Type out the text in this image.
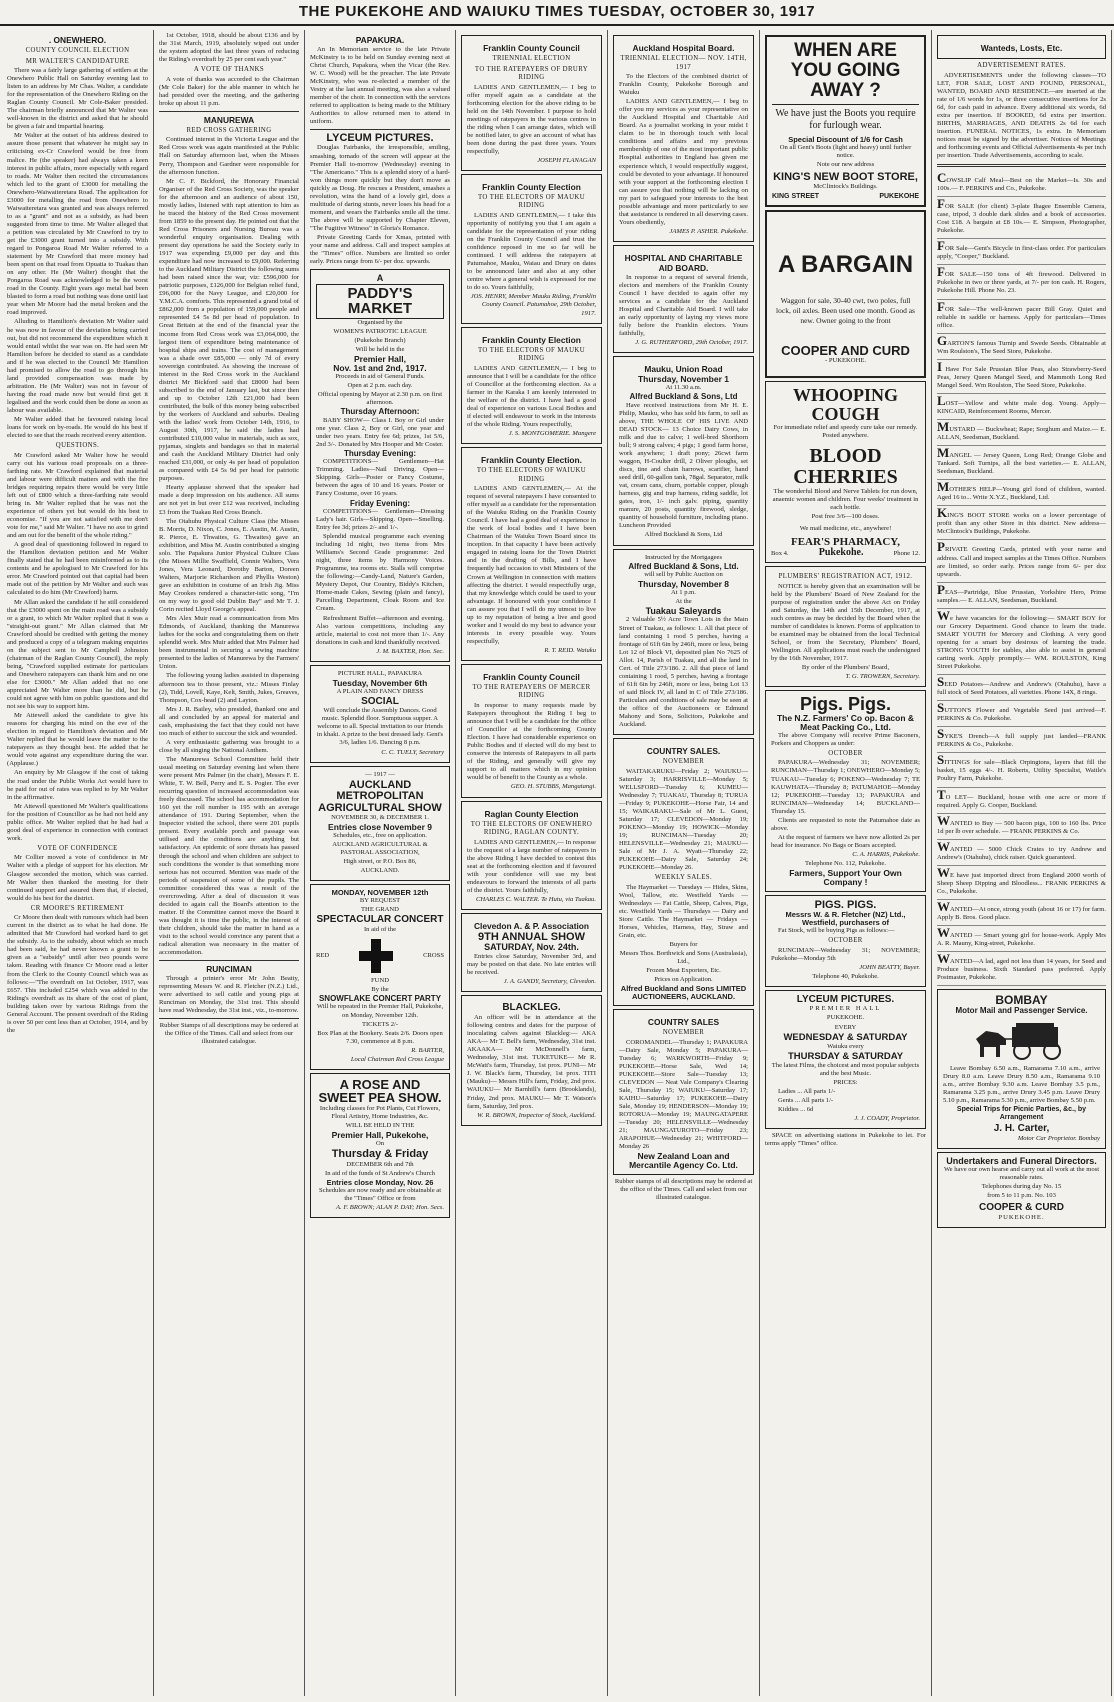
THE PUKEKOHE AND WAIUKU TIMES TUESDAY, OCTOBER 30, 1917
. ONEWHERO.
COUNTY COUNCIL ELECTION
MR WALTER'S CANDIDATURE

There was a fairly large gathering of settlers at the Onewhero Public Hall on Saturday evening last to listen to an address by Mr Chas. Walter, a candidate for the representation of the Onewhero Riding on the Raglan County Council. Mr Cole-Baker presided. The chairman briefly announced that Mr Walter was well-known in the district and asked that he should be given a fair and impartial hearing.

Mr Walter at the outset of his address desired to assure those present that whatever he might say in criticising ex-Cr Crawford would be free from malice. He (the speaker) had always taken a keen interest in public affairs, more especially with regard to roads. Mr Walter then recited the circumstances which led to the grant of £3000 for metalling the Onewhero-Waiwaiteretara Road. The application for £3000 for metalling the road from Onewhero to Waiwaiteretara was granted and was always referred to as a "grant" and not as a subsidy, as had been suggested from time to time. Mr Walter alleged that a petition was circulated by Mr Crawford to try to get the £3000 grant turned into a subsidy. With regard to Pongaroa Road Mr Walter referred to a statement by Mr Crawford that more money had been spent on that road from Opuatia to Tuakau than on any other. He (Mr Walter) thought that the Pongaroa Road was acknowledged to be the worst road in the County. Eight years ago metal had been blasted to form a road but nothing was done until last year when Mr Moore had the metal broken and the road improved.

Alluding to Hamilton's deviation Mr Walter said he was now in favour of the deviation being carried out, but did not recommend the expenditure which it would entail whilst the war was on. He had seen Mr Hamilton before he decided to stand as a candidate and if he was elected to the Council Mr Hamilton had promised to allow the road to go through his land provided compensation was made by arbitration. He (Mr Walter) was not in favour of having the road made now but would first get it legalised and the work could then be done as soon as labour was available.

Mr Walter added that he favoured raising local loans for work on by-roads. He would do his best if elected to see that the roads received every attention.

QUESTIONS.

Mr Crawford asked Mr Walter how he would carry out his various road proposals on a three-farthing rate. Mr Crawford explained that material and labour were difficult matters and with the fire bridges requiring repairs there would be very little left out of £800 which a three-farthing rate would bring in. Mr Walter replied that he was not the experience of others yet but would do his best to economise. "If you are not satisfied with me don't vote for me," said Mr Walter. "I have no axe to grind and am out for the benefit of the whole riding."

A good deal of questioning followed in regard to the Hamilton deviation petition and Mr Walter finally stated that he had been misinformed as to its contents and he apologised to Mr Crawford for his error. Mr Crawford pointed out that capital had been made out of the petition by Mr Walter and such was calculated to do him (Mr Crawford) harm.

Mr Allan asked the candidate if he still considered that the £3000 spent on the main road was a subsidy or a grant, to which Mr Walter replied that it was a "straight-out grant." Mr Allan claimed that Mr Crawford should be credited with getting the money and produced a copy of a telegram making enquiries on the subject sent to Mr Campbell Johnston (chairman of the Raglan County Council), the reply being, "Crawford supplied estimate for particulars and Onewhero ratepayers can thank him and no one else for £3000." Mr Allan added that no one appreciated Mr Walter more than he did, but he could not agree with him on public questions and did not see his way to support him.

Mr Attewell asked the candidate to give his reasons for charging his mind on the eve of the election in regard to Hamilton's deviation and Mr Walter replied that he would leave the matter to the ratepayers as they thought best. He added that he would vote against any expenditure during the war. (Applause.)

An enquiry by Mr Glasgow if the cost of taking the road under the Public Works Act would have to be paid for out of rates was replied to by Mr Walter in the affirmative.

Mr Attewell questioned Mr Walter's qualifications for the position of Councillor as he had not held any public office. Mr Walter replied that he had had a good deal of experience in connection with contract work.

VOTE OF CONFIDENCE

Mr Collier moved a vote of confidence in Mr Walter with a pledge of support for his election. Mr Glasgow seconded the motion, which was carried. Mr Walter then thanked the meeting for their continued support and assured them that, if elected, would do his best for the district.

CR MOORE'S RETIREMENT

Cr Moore then dealt with rumours which had been current in the district as to what he had done. He admitted that Mr Crawford had worked hard to get the subsidy. As to the subsidy, about which so much had been said, he had never known a grant to be given as a "subsidy" until after two pounds were taken. Reading with finance Cr Moore read a letter from the Clerk to the County Council which was as follows:—"The overdraft on 1st October, 1917, was £657. This included £254 which was added to the Riding's overdraft as its share of the cost of plant, building taken over by various Ridings from the General Account. The present overdraft of the Riding is over 50 per cent less than at October, 1914, and by the

1st October, 1918, should be about £136 and by the 31st March, 1919, absolutely wiped out under the system adopted the last three years of reducing the Riding's overdraft by 25 per cent each year."

A VOTE OF THANKS

A vote of thanks was accorded to the Chairman (Mr Cole Baker) for the able manner in which he had presided over the meeting, and the gathering broke up about 11 p.m.

MANUREWA
RED CROSS GATHERING

Continued interest in the Victoria League and the Red Cross work was again manifested at the Public Hall on Saturday afternoon last, when the Misses Perry, Thompson and Gardner were responsible for the afternoon function.

Mr C. F. Bickford, the Honorary Financial Organiser of the Red Cross Society, was the speaker for the afternoon and an audience of about 150, mostly ladies, listened with rapt attention to him as he traced the history of the Red Cross movement from 1859 to the present day. He pointed out that the Red Cross Prisoners and Nursing Bureau was a wonderful enquiry organisation. Dealing with present day operations he said the Society early in 1917 was expending £9,000 per day and this expenditure had now increased to £9,000. Referring to the Auckland Military District the following sums had been raised since the war, viz: £596,000 for patriotic purposes, £126,000 for Belgian relief fund, £96,000 for the Navy League, and £20,000 for Y.M.C.A. comforts. This represented a grand total of £862,000 from a population of 159,000 people and represented £4 5s 8d per head of population. In Great Britain at the end of the financial year the income from Red Cross work was £3,064,000, the largest item of expenditure being maintenance of hospital ships and trains. The cost of management was a shade over £85,000 — only 7d of every sovereign contributed. As showing the increase of interest in the Red Cross work in the Auckland district Mr Bickford said that £8000 had been subscribed to the end of January last, but since then and up to October 12th £21,000 had been contributed, the bulk of this money being subscribed by the workers of Auckland and suburbs. Dealing with the ladies' work from October 14th, 1916, to August 30th, 1917, he said the ladies had contributed £10,000 value in materials, such as sox, pyjamas, singlets and bandages so that in material and cash the Auckland Military District had only reached £31,000, or only 4s per head of population as compared with £4 5s 9d per head for patriotic purposes.

Hearty applause showed that the speaker had made a deep impression on his audience. All sums are not yet in but over £12 was received, including £3 from the Tuakau Red Cross Branch.

The Otahuhu Physical Culture Class (the Misses B. Morris, D. Nixon, C. Jones, E. Austin, M. Austin, R. Pierce, E. Thwaites, G. Thwaites) gave an exhibition, and Miss M. Austin contributed a singing solo. The Papakura Junior Physical Culture Class (the Misses Millie Swaffield, Connie Walters, Vera Jones, Vera Leonard, Dorothy Barton, Doreen Walters, Marjorie Richardson and Phyllis Weston) gave an exhibition in costume of an Irish Jig. Miss May Crookes rendered a character-istic song, "I'm on my way to good old Dublin Bay" and Mr T. J. Corin recited Lloyd George's appeal.

Mrs Alex Muir read a communication from Mrs Edmonds, of Auckland, thanking the Manurewa ladies for the socks and congratulating them on their splendid work. Mrs Muir added that Mrs Palmer had been instrumental in securing a sewing machine presented to the ladies of Manurewa by the Farmers' Union.

The following young ladies assisted in dispensing afternoon tea to those present, viz.: Misses Finlay (2), Tidd, Lovell, Kaye, Kelt, Smith, Jukes, Greaves, Thompson, Cox-head (2) and Layton.

Mrs J. R. Bailey, who presided, thanked one and all and concluded by an appeal for material and cash, emphasising the fact that they could not have too much of either to succour the sick and wounded.

A very enthusiastic gathering was brought to a close by all singing the National Anthem.

The Manurewa School Committee held their usual meeting on Saturday evening last when there were present Mrs Palmer (in the chair), Messrs F. E. White, T. W. Bell, Perry and E. S. Pogier. The ever recurring question of increased accommodation was freely discussed. The school has accommodation for 160 yet the roll number is 195 with an average attendance of 191. During September, when the Inspector visited the school, there were 201 pupils present. Every available porch and passage was utilised and the conditions are anything but satisfactory. An epidemic of sore throats has passed through the school and when children are subject to such conditions the wonder is that something more serious has not occurred. Mention was made of the periods of suspension of some of the pupils. The committee considered this was a result of the overcrowding. After a deal of discussion it was decided to again call the Board's attention to the matter. If the Committee cannot move the Board it was thought it is time the public, in the interest of their children, should take the matter in hand as a visit to the school would convince any parent that a radical alteration was necessary in the matter of accommodation.

RUNCIMAN

Through a printer's error Mr John Beatty, representing Messrs W. and R. Fletcher (N.Z.) Ltd., were advertised to sell cattle and young pigs at Runciman on Monday, the 31st inst. This should have read Wednesday, the 31st inst., viz., to-morrow.

Rubber Stamps of all descriptions may be ordered at the Office of the Times. Call and select from our illustrated catalogue.

PAPAKURA.

An In Memoriam service to the late Private McKinstry is to be held on Sunday evening next at Christ Church, Papakura, when the Vicar (the Rev. W. C. Wood) will be the preacher. The late Private McKinstry, who was re-elected a member of the Vestry at the last annual meeting, was also a valued member of the choir. In connection with the services referred to application is being made to the Military Authorities to allow returned men to attend in uniform.

LYCEUM PICTURES.

Douglas Fairbanks, the irresponsible, smiling, smashing, tornado of the screen will appear at the Premier Hall to-morrow (Wednesday) evening in "The Americano." This is a splendid story of a hard-won things more quickly but they don't move as quickly as Doug. He rescues a President, smashes a revolution, wins the hand of a lovely girl, does a multitude of daring stunts, never loses his head for a moment, and wears the Fairbanks smile all the time. The above will be supported by Chapter Eleven, "The Fugitive Witness" in Gloria's Romance.

Private Greeting Cards for Xmas, printed with your name and address. Call and inspect samples at the "Times" office. Numbers are limited so order early. Prices range from 6/- per doz. upwards.

A
PADDY'S MARKET

Organised by the

WOMEN'S PATRIOTIC LEAGUE

(Pukekohe Branch)

Will be held in the

Premier Hall,
Nov. 1st and 2nd, 1917.

Proceeds in aid of General Funds.

Open at 2 p.m. each day.

Official opening by Mayor at 2.30 p.m. on first afternoon.

Thursday Afternoon:

BABY SHOW— Class I. Boy or Girl under one year. Class 2, Boy or Girl, one year and under two years. Entry fee 6d; prizes, 1st 5/6, 2nd 3/-. Donated by Mrs Hooper and Mr Coster.

Thursday Evening:

COMPETITIONS— Gentlemen—Hat Trimming. Ladies—Nail Driving. Open—Skipping. Girls—Poster or Fancy Costume, between the ages of 10 and 16 years. Poster or Fancy Costume, over 16 years.

Friday Evening:

COMPETITIONS— Gentlemen—Dressing Lady's hair. Girls—Skipping. Open—Smelling. Entry fee 3d; prizes 2/- and 1/-.

Splendid musical programme each evening including 1d night, two items from Mrs Williams's Second Grade programme: 2nd night, three items by Harmony Voices. Programme, tea rooms etc. Stalls will comprise the following:—Candy-Land, Nature's Garden, Mystery Depot, Our Country, Biddy's Kitchen, Home-made Cakes, Sewing (plain and fancy), Parcelling Department, Cloak Room and Ice Cream.

Refreshment Buffet—afternoon and evening. Also various competitions, including any article, material to cost not more than 1/-. Any donations in cash and kind thankfully received.

J. M. BAXTER, Hon. Sec.

PICTURE HALL, PAPAKURA

Tuesday, November 6th

A PLAIN AND FANCY DRESS

SOCIAL

Will conclude the Assembly Dances. Good music. Splendid floor. Sumptuous supper. A welcome to all. Special invitation to our friends in khaki. A prize to the best dressed lady. Gent's 3/6, ladies 1/6. Dancing 8 p.m.

C. C. TUELY, Secretary

— 1917 —

AUCKLAND METROPOLITAN AGRICULTURAL SHOW

NOVEMBER 30, & DECEMBER 1.

Entries close November 9

Schedules, etc., free on application.

AUCKLAND AGRICULTURAL & PASTORAL ASSOCIATION,

High street, or P.O. Box 86,

AUCKLAND.

MONDAY, NOVEMBER 12th

BY REQUEST

THE GRAND

SPECTACULAR CONCERT

In aid of the

RED	CROSS

FUND

By the

SNOWFLAKE CONCERT PARTY

Will be repeated in the Premier Hall, Pukekohe, on Monday, November 12th.

TICKETS 2/-

Box Plan at the Bookery. Seats 2/6. Doors open 7.30, commence at 8 p.m.

R. BARTER,

Local Chairman Red Cross League

A ROSE AND SWEET PEA SHOW.

Including classes for Pot Plants, Cut Flowers, Floral Artistry, Home Industries, &c.

WILL BE HELD IN THE

Premier Hall, Pukekohe,

On

Thursday & Friday

DECEMBER 6th and 7th

In aid of the funds of St Andrew's Church

Entries close Monday, Nov. 26

Schedules are now ready and are obtainable at the "Times" Office or from

A. F. BROWN; ALAN P. DAY; Hon. Secs.

Franklin County Council
TRIENNIAL ELECTION
TO THE RATEPAYERS OF DRURY RIDING

LADIES AND GENTLEMEN,— I beg to offer myself again as a candidate at the forthcoming election for the above riding to be held on the 14th November. I purpose to hold meetings of ratepayers in the various centres in the riding when I can arrange dates, which will be notified later, to give an account of what has been done during the past three years. Yours respectfully,

JOSEPH FLANAGAN

Franklin County Election
TO THE ELECTORS OF MAUKU RIDING

LADIES AND GENTLEMEN,— I take this opportunity of notifying you that I am again a candidate for the representation of your riding on the Franklin County Council and trust the confidence reposed in me so far will be continued. I will address the ratepayers at Patumahoe, Mauku, Waiau and Drury on dates to be announced later and also at any other centre where a general wish is expressed for me to do so. Yours faithfully,

JOS. HENRY, Member Mauku Riding, Franklin County Council. Patumahoe, 29th October, 1917.

Franklin County Election
TO THE ELECTORS OF MAUKU RIDING

LADIES AND GENTLEMEN,— I beg to announce that I will be a candidate for the office of Councillor at the forthcoming election. As a farmer in the Karaka I am keenly interested in the welfare of the district. I have had a good deal of experience on various Local Bodies and if elected will endeavour to work in the interests of the whole Riding. Yours respectfully,

J. S. MONTGOMERIE. Mangere

Franklin County Election.
TO THE ELECTORS OF WAIUKU RIDING

LADIES AND GENTLEMEN,— At the request of several ratepayers I have consented to offer myself as a candidate for the representation of the Waiuku Riding on the Franklin County Council. I have had a good deal of experience in the work of local bodies and I have been Chairman of the Waiuku Town Board since its inception. In that capacity I have been actively engaged in raising loans for the Town District and in the drafting of Bills, and I have frequently had occasion to visit Ministers of the Crown at Wellington in connection with matters affecting the district. I would respectfully urge, that my knowledge which could be used to your advantage. If honoured with your confidence I can assure you that I will do my utmost to live up to my reputation of being a live and good worker and I would do my best to advance your interests in every possible way. Yours respectfully,

R. T. REID. Waiuku

Franklin County Council
TO THE RATEPAYERS OF MERCER RIDING

In response to many requests made by Ratepayers throughout the Riding I beg to announce that I will be a candidate for the office of Councillor at the forthcoming County Election. I have had considerable experience on Public Bodies and if elected will do my best to conserve the interests of Ratepayers in all parts of the Riding, and generally will give my support to all matters which in my opinion would be of benefit to the County as a whole.

GEO. H. STUBBS, Mangatangi.

Raglan County Election
TO THE ELECTORS OF ONEWHERO RIDING, RAGLAN COUNTY.

LADIES AND GENTLEMEN,— In response to the request of a large number of ratepayers in the above Riding I have decided to contest this seat at the forthcoming election and if favoured with your confidence will use my best endeavours to forward the interests of all parts of the district. Yours faithfully,

CHARLES C. WALTER. Te Hutu, via Tuakau.

Clevedon A. & P. Association
9TH ANNUAL SHOW
SATURDAY, Nov. 24th.

Entries close Saturday, November 3rd, and may be posted on that date. No late entries will be received.

J. A. GANDY, Secretary, Clevedon.

BLACKLEG.

An officer will be in attendance at the following centres and dates for the purpose of inoculating calves against Blackleg:— AKA AKA— Mr T. Bell's farm, Wednesday, 31st inst. AKAAKA— Mr McDonnell's farm, Wednesday, 31st inst. TUKETUKE— Mr R. McWatt's farm, Thursday, 1st prox. PUNI— Mr J. W. Black's farm, Thursday, 1st prox. TITI (Mauku)— Messrs Hill's farm, Friday, 2nd prox. WAIUKU— Mr Barnhill's farm (Brooklands), Friday, 2nd prox. MAUKU— Mr T. Watson's farm, Saturday, 3rd prox.

W. R. BROWN, Inspector of Stock, Auckland.

Auckland Hospital Board.
TRIENNIAL ELECTION— NOV. 14TH, 1917

To the Electors of the combined district of Franklin County, Pukekohe Borough and Waiuku

LADIES AND GENTLEMEN,— I beg to offer you my services as your representative on the Auckland Hospital and Charitable Aid Board. As a journalist working in your midst I claim to be in thorough touch with local conditions and affairs and my previous membership of one of the most important public Hospital authorities in England has given me experience which, I would respectfully suggest, could be devoted to your advantage. If honoured with your support at the forthcoming election I can assure you that nothing will be lacking on my part to safeguard your interests to the best possible advantage and more particularly to see that assistance is rendered in all deserving cases. Yours obediently,

JAMES P. ASHER. Pukekohe.

HOSPITAL AND CHARITABLE AID BOARD.

In response to a request of several friends, electors and members of the Franklin County Council I have decided to again offer my services as a candidate for the Auckland Hospital and Charitable Aid Board. I will take an early opportunity of laying my views more fully before the Franklin electors. Yours faithfully,

J. G. RUTHERFORD, 29th October, 1917.

Mauku, Union Road
Thursday, November 1

At 11.30 a.m.

Alfred Buckland & Sons, Ltd

Have received instructions from Mr H. E. Philip, Mauku, who has sold his farm, to sell as above, THE WHOLE OF HIS LIVE AND DEAD STOCK— 13 Choice Dairy Cows, in milk and due to calve; 1 well-bred Shorthorn bull; 9 strong calves; 4 pigs; 1 good farm horse, work anywhere; 1 draft pony; 26cwt farm waggon, H-Coulter drill, 2 Oliver ploughs, set discs, tine and chain harrows, scarifier, hand seed drill, 60-gallon tank, 78gal. Separator, milk vat, cream cans, churn, portable copper, plough harness, gig and trap harness, riding saddle, lot gates, iron, 1/- inch galv. piping, quantity manure, 20 posts, quantity firewood, sledge, quantity of household furniture, including piano. Luncheon Provided

Alfred Buckland & Sons, Ltd

Instructed by the Mortgagees

Alfred Buckland & Sons, Ltd.

will sell by Public Auction on

Thursday, November 8

At 1 p.m.

At the

Tuakau Saleyards

2 Valuable 5½ Acre Town Lots in the Main Street of Tuakau, as follows: 1. All that piece of land containing 1 rood 5 perches, having a frontage of 61ft 6in by 246ft, more or less, being Lot 12 of Block VI, deposited plan No 7625 of Allot. 14, Parish of Tuakau, and all the land in Cert. of Title 273/186. 2. All that piece of land containing 1 rood, 5 perches, having a frontage of 61ft 6in by 246ft, more or less, being Lot 13 of said Block IV, all land in C of Title 273/186. Particulars and conditions of sale may be seen at the office of the Auctioneers or Edmund Mahony and Sons, Solicitors, Pukekohe and Auckland.

COUNTRY SALES.
NOVEMBER

WAITAKARUKU—Friday 2; WAIUKU—Saturday 3; HARRISVILLE—Monday 5; WELLSFORD—Tuesday 6; KUMEU—Wednesday 7; TUAKAU, Thursday 8; TURUA—Friday 9; PUKEKOHE—Horse Fair, 14 and 15; WAIKARAKU—Sale of Mr L. Guest, Saturday 17; CLEVEDON—Monday 19; POKENO—Monday 19; HOWICK—Monday 19; RUNCIMAN—Tuesday 20; HELENSVILLE—Wednesday 21; MAUKU—Sale of Mr J. A. Wyatt—Thursday 22; PUKEKOHE—Dairy Sale, Saturday 24; PUKEKOHE—Monday 26.

WEEKLY SALES.

The Haymarket — Tuesdays — Hides, Skins, Wool, Tallow, etc. Westfield Yards — Wednesdays — Fat Cattle, Sheep, Calves, Pigs, etc. Westfield Yards — Thursdays — Dairy and Store Cattle. The Haymarket — Fridays — Horses, Vehicles, Harness, Hay, Straw and Grain, etc.

Buyers for

Messrs Thos. Borthwick and Sons (Australasia), Ltd.,

Frozen Meat Exporters, Etc.

Prices on Application.

Alfred Buckland and Sons LIMITED AUCTIONEERS, AUCKLAND.
COUNTRY SALES
NOVEMBER

COROMANDEL—Thursday 1; PAPAKURA—Dairy Sale, Monday 5; PAPAKURA—Tuesday 6; WARKWORTH—Friday 9; PUKEKOHE—Horse Sale, Wed 14; PUKEKOHE—Store Sale—Tuesday 13; CLEVEDON — Neat Vale Company's Clearing Sale, Thursday 15; WAIUKU—Saturday 17; KAIHU—Saturday 17; PUKEKOHE—Dairy Sale, Monday 19; HENDERSON—Monday 19; ROTORUA—Monday 19; MAUNGATAPERE—Tuesday 20; HELENSVILLE—Wednesday 21; MAUNGATUROTO—Friday 23; ARAPOHUE—Wednesday 21; WHITFORD—Monday 26

New Zealand Loan and Mercantile Agency Co. Ltd.

Rubber stamps of all descriptions may be ordered at the office of the Times. Call and select from our illustrated catalogue.

WHEN ARE YOU GOING AWAY ?

We have just the Boots you require for furlough wear.

Special Discount of 1/6 for Cash

On all Gent's Boots (light and heavy) until further notice.

Note our new address

KING'S NEW BOOT STORE,

McClintock's Buildings.

KING STREET	PUKEKOHE
A BARGAIN

Waggon for sale, 30-40 cwt, two poles, full lock, oil axles. Been used one month. Good as new. Owner going to the front

COOPER AND CURD

- PUKEKOHE.

WHOOPING COUGH

For immediate relief and speedy cure take our remedy. Posted anywhere.

BLOOD CHERRIES

The wonderful Blood and Nerve Tablets for run down, anaemic women and children. Four weeks' treatment in each bottle.

Post free 3/6—100 doses.

We mail medicine, etc., anywhere!

FEAR'S PHARMACY,
Box 4.	Pukekohe.	Phone 12.
PLUMBERS' REGISTRATION ACT, 1912.

NOTICE is hereby given that an examination will be held by the Plumbers' Board of New Zealand for the purpose of registration under the above Act on Friday and Saturday, the 14th and 15th December, 1917, at such centres as may be decided by the Board when the number of candidates is known. Forms of application to be examined may be obtained from the local Technical School, or from the Secretary, Plumbers' Board, Wellington. All applications must reach the undersigned by the 16th November, 1917.

By order of the Plumbers' Board,

T. G. TROWERN, Secretary.

Pigs. Pigs.
The N.Z. Farmers' Co op. Bacon & Meat Packing Co., Ltd.

The above Company will receive Prime Baconers, Porkers and Choppers as under:

OCTOBER

PAPAKURA—Wednesday 31; NOVEMBER; RUNCIMAN—Thursday 1; ONEWHERO—Monday 5; TUAKAU—Tuesday 6; POKENO—Wednesday 7; TE KAUWHATA—Thursday 8; PATUMAHOE—Monday 12; PUKEKOHE—Tuesday 13; PAPAKURA and RUNCIMAN—Wednesday 14; BUCKLAND—Thursday 15.

Clients are requested to note the Patumahoe date as above.

At the request of farmers we have now allotted 2s per head for insurance. No Bags or Boars accepted.

C. A. HARRIS, Pukekohe.

Telephone No. 112, Pukekohe.

Farmers, Support Your Own Company !
PIGS. PIGS.
Messrs W. & R. Fletcher (NZ) Ltd., Westfield, purchasers of

Fat Stock, will be buying Pigs as follows:—

OCTOBER

RUNCIMAN—Wednesday 31; NOVEMBER; Pukekohe—Monday 5th

JOHN BEATTY, Buyer.

Telephone 40, Pukekohe.

LYCEUM PICTURES.

PREMIER HALL

PUKEKOHE.

EVERY

WEDNESDAY & SATURDAY

Waiuku every

THURSDAY & SATURDAY

The latest Films, the choicest and most popular subjects and the best Music.

PRICES:

Ladies ... All parts 1/-

Gents ... All parts 1/-

Kiddies ... 6d

J. J. COADY, Proprietor.

SPACE on advertising stations in Pukekohe to let. For terms apply "Times" office.

Wanteds, Losts, Etc.
ADVERTISEMENT RATES.

ADVERTISEMENTS under the following classes—TO LET, FOR SALE, LOST AND FOUND, PERSONAL, WANTED, BOARD AND RESIDENCE—are inserted at the rate of 1/6 words for 1s, or three consecutive insertions for 2s 6d, for cash paid in advance. Every additional six words, 6d extra per insertion. If BOOKED, 6d extra per insertion. BIRTHS, MARRIAGES, AND DEATHS 2s 6d for each insertion. FUNERAL NOTICES, 1s extra. In Memoriam notices must be signed by the advertiser. Notices of Meetings and forthcoming events and Official Advertisements 4s per inch per insertion. Trade Advertisements, according to scale.

COWSLIP Calf Meal—Best on the Market—Is. 30s and 100s.— F. PERKINS and Co., Pukekohe.

FOR SALE (for client) 3-plate Ihagee Ensemble Camera, case, tripod, 3 double dark slides and a book of accessories. Cost £18. A bargain at £8 10s.— E. Simpson, Photographer, Pukekohe.

FOR Sale—Gent's Bicycle in first-class order. For particulars apply, "Cooper," Buckland.

FOR SALE—150 tons of 4ft firewood. Delivered in Pukekohe in two or three yards, at 7/- per ton cash. H. Rogers, Pukekohe Hill. Phone No. 23.

FOR Sale—The well-known pacer Bill Gray. Quiet and reliable in saddle or harness. Apply for particulars—Times office.

GARTON'S famous Turnip and Swede Seeds. Obtainable at Wm Roulston's, The Seed Store, Pukekohe.

I Have For Sale Prussian Blue Peas, also Strawberry-Seed Peas, Jersey Queen Mangel Seed, and Mammoth Long Red Mangel Seed. Wm Roulston, The Seed Store, Pukekohe.

LOST—Yellow and white male dog. Young. Apply—KINCAID, Reinforcement Rooms, Mercer.

MUSTARD — Buckwheat; Rape; Sorghum and Maize.— E. ALLAN, Seedsman, Buckland.

MANGEL — Jersey Queen, Long Red; Orange Globe and Tankard. Soft Turnips, all the best varieties.— E. ALLAN, Seedsman, Buckland.

MOTHER'S HELP—Young girl fond of children, wanted. Aged 16 to... Write X.Y.Z., Buckland, Ltd.

KING'S BOOT STORE works on a lower percentage of profit than any other Store in this district. New address—McClintock's Buildings, Pukekohe.

PRIVATE Greeting Cards, printed with your name and address. Call and inspect samples at the Times Office. Numbers are limited, so order early. Prices range from 6/- per doz upwards.

PEAS—Partridge, Blue Prussian, Yorkshire Hero, Prime samples.— E. ALLAN, Seedsman, Buckland.

We have vacancies for the following:— SMART BOY for our Grocery Department. Good chance to learn the trade. SMART YOUTH for Mercery and Clothing. A very good opening for a smart boy desirous of learning the trade. STRONG YOUTH for stables, also able to assist in general carting work. Apply promptly.— WM. ROULSTON, King Street Pukekohe.

SEED Potatoes—Andrew and Andrew's (Otahuhu), have a full stock of Seed Potatoes, all varieties. Phone 14X, 8 rings.

SUTTON'S Flower and Vegetable Seed just arrived—F. PERKINS & Co. Pukekohe.

SYKE'S Drench—A full supply just landed—FRANK PERKINS & Co., Pukekohe.

SITTINGS for sale—Black Orpingtons, layers that fill the basket, 15 eggs 4/-. H. Roberts, Utility Specialist, Waitle's Poultry Farm, Pukekohe.

TO LET— Buckland, house with one acre or more if required. Apply G. Cooper, Buckland.

WANTED to Buy — 500 bacon pigs, 100 to 160 lbs. Price 1d per lb over schedule. — FRANK PERKINS & Co.

WANTED — 5000 Chick Crates to try Andrew and Andrew's (Otahuhu), chick raiser. Quick guaranteed.

WE have just imported direct from England 2000 worth of Sheep Sheep Dipping and Bloodless... FRANK PERKINS & Co., Pukekohe.

WANTED—At once, strong youth (about 16 or 17) for farm. Apply B. Bros. Good place.

WANTED — Smart young girl for house-work. Apply Mrs A. R. Mauny, King-street, Pukekohe.

WANTED—A lad, aged not less than 14 years, for Seed and Produce business. Sixth Standard pass preferred. Apply Postmaster, Pukekohe.

BOMBAY
Motor Mail and Passenger Service.

Leave Bombay 6.50 a.m., Ramarama 7.10 a.m., arrive Drury 8.0 a.m. Leave Drury 8.50 a.m., Ramarama 9.10 a.m., arrive Bombay 9.30 a.m. Leave Bombay 3.5 p.m., Ramarama 3.25 p.m., arrive Drury 3.45 p.m. Leave Drury 5.10 p.m., Ramarama 5.30 p.m., arrive Bombay 5.50 p.m.

Special Trips for Picnic Parties, &c., by Arrangement
J. H. Carter,

Motor Car Proprietor. Bombay

Undertakers and Funeral Directors.

We have our own hearse and carry out all work at the most reasonable rates.

Telephones during day No. 15

from 5 to 11 p.m. No. 103

COOPER & CURD

PUKEKOHE.
